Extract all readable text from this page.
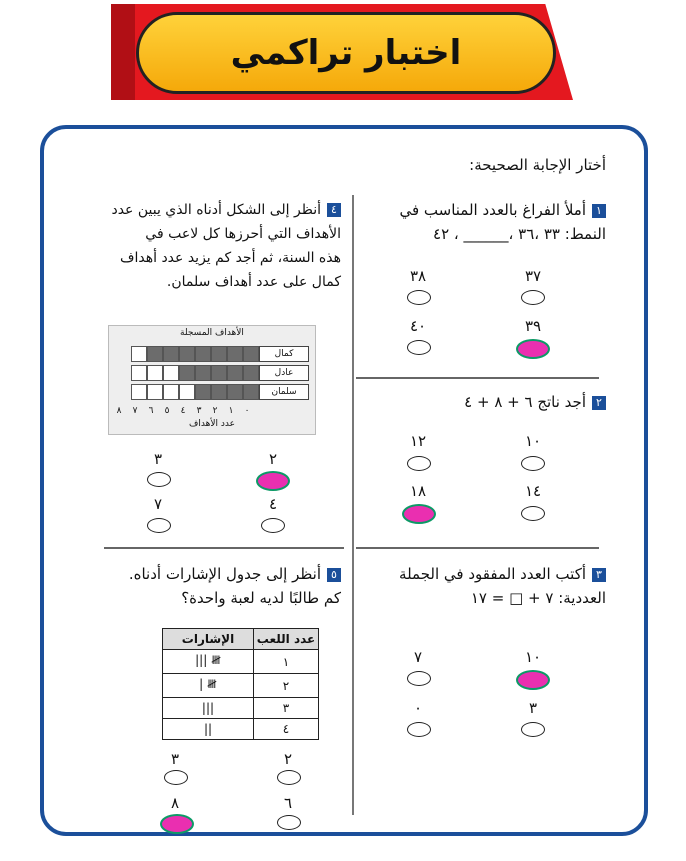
اختبار تراكمي
أختار الإجابة الصحيحة:
١أملأ الفراغ بالعدد المناسب في
النمط: ٣٣ ،٣٦ ،______ ، ٤٢
٣٧
٣٨
٣٩
٤٠
٢أجد ناتج ٦ + ٨ + ٤
١٠
١٢
١٤
١٨
٣أكتب العدد المفقود في الجملة
العددية: ٧ + □ = ١٧
١٠
٧
٣
٠
٤أنظر إلى الشكل أدناه الذي يبين عدد
الأهداف التي أحرزها كل لاعب في
هذه السنة، ثم أجد كم يزيد عدد أهداف
كمال على عدد أهداف سلمان.
الأهداف المسجلة
كمال
عادل
سلمان
٨ ٧ ٦ ٥ ٤ ٣ ٢ ١ ٠
عدد الأهداف
٢
٣
٤
٧
٥أنظر إلى جدول الإشارات أدناه.
كم طالبًا لديه لعبة واحدة؟
عدد اللعب	الإشارات
١	𝍸 |||
٢	𝍸 |
٣	|||
٤	||
٢
٣
٦
٨
